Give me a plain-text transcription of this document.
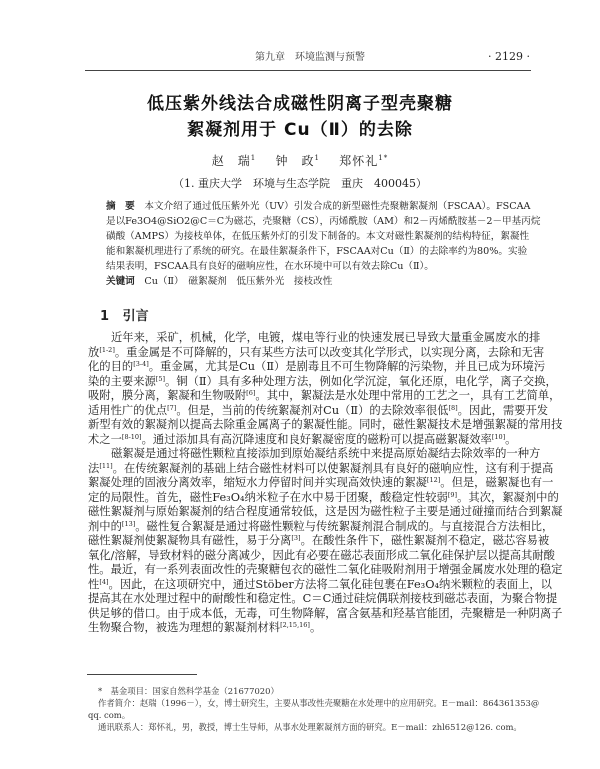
第九章　环境监测与预警	· 2129 ·
低压紫外线法合成磁性阴离子型壳聚糖
絮凝剂用于 Cu（Ⅱ）的去除
赵　瑞$^1$ 钟　政$^1$ 郑怀礼$^{1*}$
（1. 重庆大学　环境与生态学院　重庆　400045）
摘　要　 本文介绍了通过低压紫外光（UV）引发合成的新型磁性壳聚糖絮凝剂（FSCAA）。FSCAA
是以Fe3O4@SiO2@C＝C为磁芯，壳聚糖（CS），丙烯酰胺（AM）和2－丙烯酰胺基－2－甲基丙烷
磺酸（AMPS）为接枝单体，在低压紫外灯的引发下制备的。本文对磁性絮凝剂的结构特征，絮凝性
能和絮凝机理进行了系统的研究。在最佳絮凝条件下，FSCAA对Cu（Ⅱ）的去除率约为80%。实验
结果表明，FSCAA具有良好的磁响应性，在水环境中可以有效去除Cu（Ⅱ）。
关键词　 Cu（Ⅱ）　磁絮凝剂　低压紫外光　接枝改性
1 引言
近年来，采矿，机械，化学，电镀，煤电等行业的快速发展已导致大量重金属废水的排
放[1-2]。重金属是不可降解的，只有某些方法可以改变其化学形式，以实现分离，去除和无害
化的目的[3-4]。重金属，尤其是Cu（Ⅱ）是剧毒且不可生物降解的污染物，并且已成为环境污
染的主要来源[5]。铜（Ⅱ）具有多种处理方法，例如化学沉淀，氧化还原，电化学，离子交换，
吸附，膜分离，絮凝和生物吸附[6]。其中，絮凝法是水处理中常用的工艺之一，具有工艺简单，
适用性广的优点[7]。但是，当前的传统絮凝剂对Cu（Ⅱ）的去除效率很低[8]。因此，需要开发
新型有效的絮凝剂以提高去除重金属离子的絮凝性能。同时，磁性絮凝技术是增强絮凝的常用技
术之一[8-10]。通过添加具有高沉降速度和良好絮凝密度的磁粉可以提高磁絮凝效率[10]。
磁絮凝是通过将磁性颗粒直接添加到原始凝结系统中来提高原始凝结去除效率的一种方
法[11]。在传统絮凝剂的基础上结合磁性材料可以使絮凝剂具有良好的磁响应性，这有利于提高
絮凝处理的固液分离效率，缩短水力停留时间并实现高效快速的絮凝[12]。但是，磁絮凝也有一
定的局限性。首先，磁性Fe₃O₄纳米粒子在水中易于团聚，酸稳定性较弱[9]。其次，絮凝剂中的
磁性絮凝剂与原始絮凝剂的结合程度通常较低，这是因为磁性粒子主要是通过碰撞而结合到絮凝
剂中的[13]。磁性复合絮凝是通过将磁性颗粒与传统絮凝剂混合制成的。与直接混合方法相比，
磁性絮凝剂使絮凝物具有磁性，易于分离[3]。在酸性条件下，磁性絮凝剂不稳定，磁芯容易被
氧化/溶解，导致材料的磁分离减少，因此有必要在磁芯表面形成二氧化硅保护层以提高其耐酸
性。最近，有一系列表面改性的壳聚糖包衣的磁性二氧化硅吸附剂用于增强金属废水处理的稳定
性[4]。因此，在这项研究中，通过Stöber方法将二氧化硅包裹在Fe₃O₄纳米颗粒的表面上，以
提高其在水处理过程中的耐酸性和稳定性。C＝C通过硅烷偶联剂接枝到磁芯表面，为聚合物提
供足够的借口。由于成本低，无毒，可生物降解，富含氨基和羟基官能团，壳聚糖是一种阴离子
生物聚合物，被选为理想的絮凝剂材料[2,15,16]。
*　基金项目：国家自然科学基金（21677020）
作者简介：赵瑞（1996－），女，博士研究生，主要从事改性壳聚糖在水处理中的应用研究。E－mail：864361353@
qq. com。
通讯联系人：郑怀礼，男，教授，博士生导师，从事水处理絮凝剂方面的研究。E－mail：zhl6512@126. com。
